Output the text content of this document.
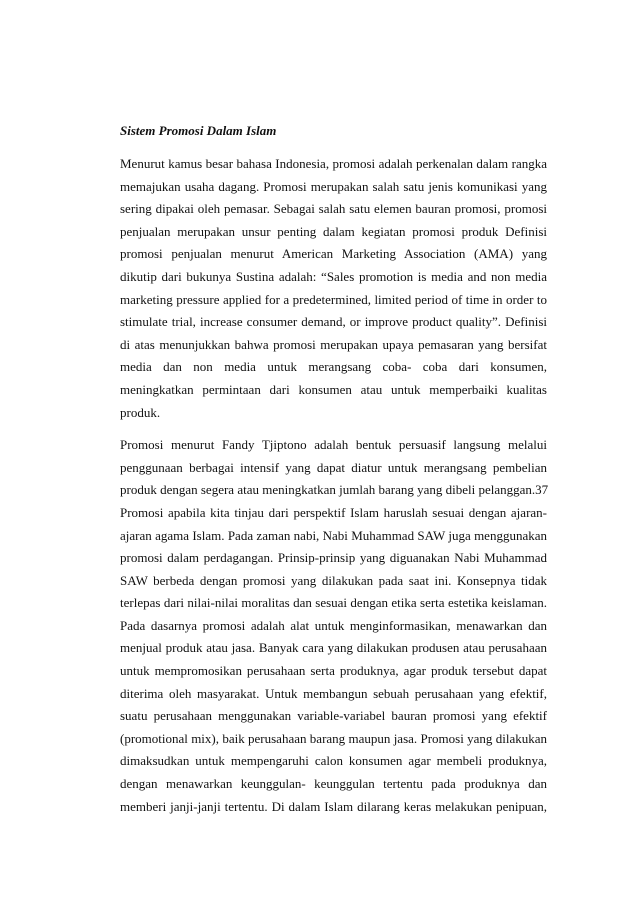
Sistem Promosi Dalam Islam
Menurut kamus besar bahasa Indonesia, promosi adalah perkenalan dalam rangka
memajukan usaha dagang. Promosi merupakan salah satu jenis komunikasi yang
sering dipakai oleh pemasar. Sebagai salah satu elemen bauran promosi, promosi
penjualan merupakan unsur penting dalam kegiatan promosi produk Definisi
promosi penjualan menurut American Marketing Association (AMA) yang
dikutip dari bukunya Sustina adalah: “Sales promotion is media and non media
marketing pressure applied for a predetermined, limited period of time in order to
stimulate trial, increase consumer demand, or improve product quality”. Definisi
di atas menunjukkan bahwa promosi merupakan upaya pemasaran yang bersifat
media dan non media untuk merangsang coba- coba dari konsumen,
meningkatkan permintaan dari konsumen atau untuk memperbaiki kualitas
produk.
Promosi menurut Fandy Tjiptono adalah bentuk persuasif langsung melalui
penggunaan berbagai intensif yang dapat diatur untuk merangsang pembelian
produk dengan segera atau meningkatkan jumlah barang yang dibeli pelanggan.37
Promosi apabila kita tinjau dari perspektif Islam haruslah sesuai dengan ajaran-
ajaran agama Islam. Pada zaman nabi, Nabi Muhammad SAW juga menggunakan
promosi dalam perdagangan. Prinsip-prinsip yang diguanakan Nabi Muhammad
SAW berbeda dengan promosi yang dilakukan pada saat ini. Konsepnya tidak
terlepas dari nilai-nilai moralitas dan sesuai dengan etika serta estetika keislaman.
Pada dasarnya promosi adalah alat untuk menginformasikan, menawarkan dan
menjual produk atau jasa. Banyak cara yang dilakukan produsen atau perusahaan
untuk mempromosikan perusahaan serta produknya, agar produk tersebut dapat
diterima oleh masyarakat. Untuk membangun sebuah perusahaan yang efektif,
suatu perusahaan menggunakan variable-variabel bauran promosi yang efektif
(promotional mix), baik perusahaan barang maupun jasa. Promosi yang dilakukan
dimaksudkan untuk mempengaruhi calon konsumen agar membeli produknya,
dengan menawarkan keunggulan- keunggulan tertentu pada produknya dan
memberi janji-janji tertentu. Di dalam Islam dilarang keras melakukan penipuan,
